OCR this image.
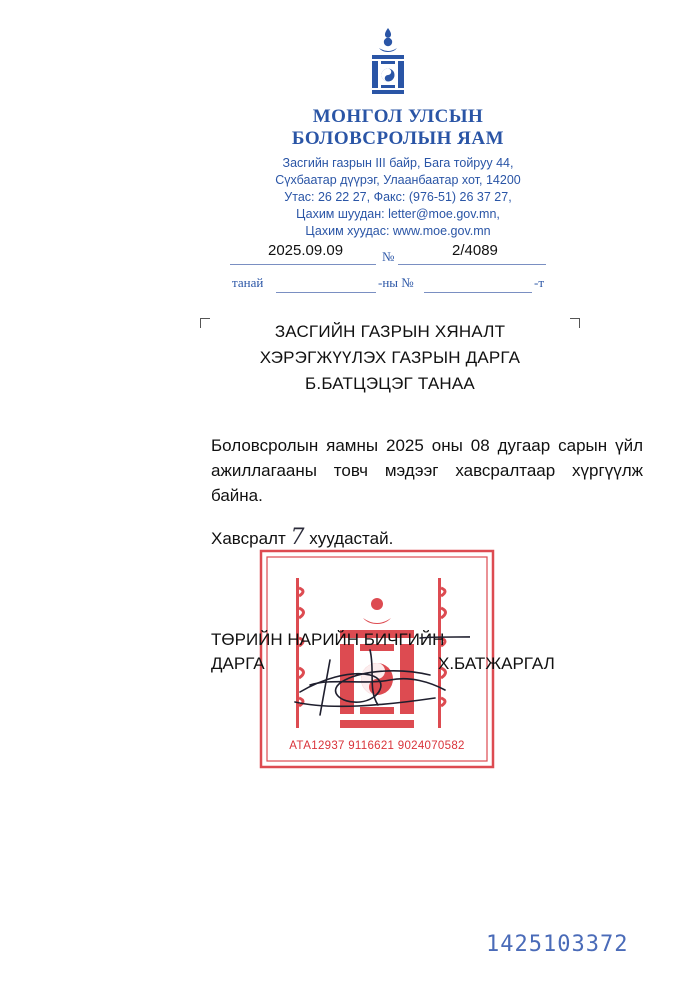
МОНГОЛ УЛСЫН
БОЛОВСРОЛЫН ЯАМ
Засгийн газрын III байр, Бага тойруу 44,
Сүхбаатар дүүрэг, Улаанбаатар хот, 14200
Утас: 26 22 27, Факс: (976-51) 26 37 27,
Цахим шуудан: letter@moe.gov.mn,
Цахим хуудас: www.moe.gov.mn
2025.09.09	№	2/4089
танай	-ны №	-т
ЗАСГИЙН ГАЗРЫН ХЯНАЛТ
ХЭРЭГЖҮҮЛЭХ ГАЗРЫН ДАРГА
Б.БАТЦЭЦЭГ ТАНАА
Боловсролын яамны 2025 оны 08 дугаар сарын үйл ажиллагааны товч мэдээг хавсралтаар хүргүүлж байна.
Хавсралт 7 хуудастай.
АТА12937 9116621 9024070582
ТӨРИЙН НАРИЙН БИЧГИЙН
ДАРГА	Х.БАТЖАРГАЛ
1425103372
